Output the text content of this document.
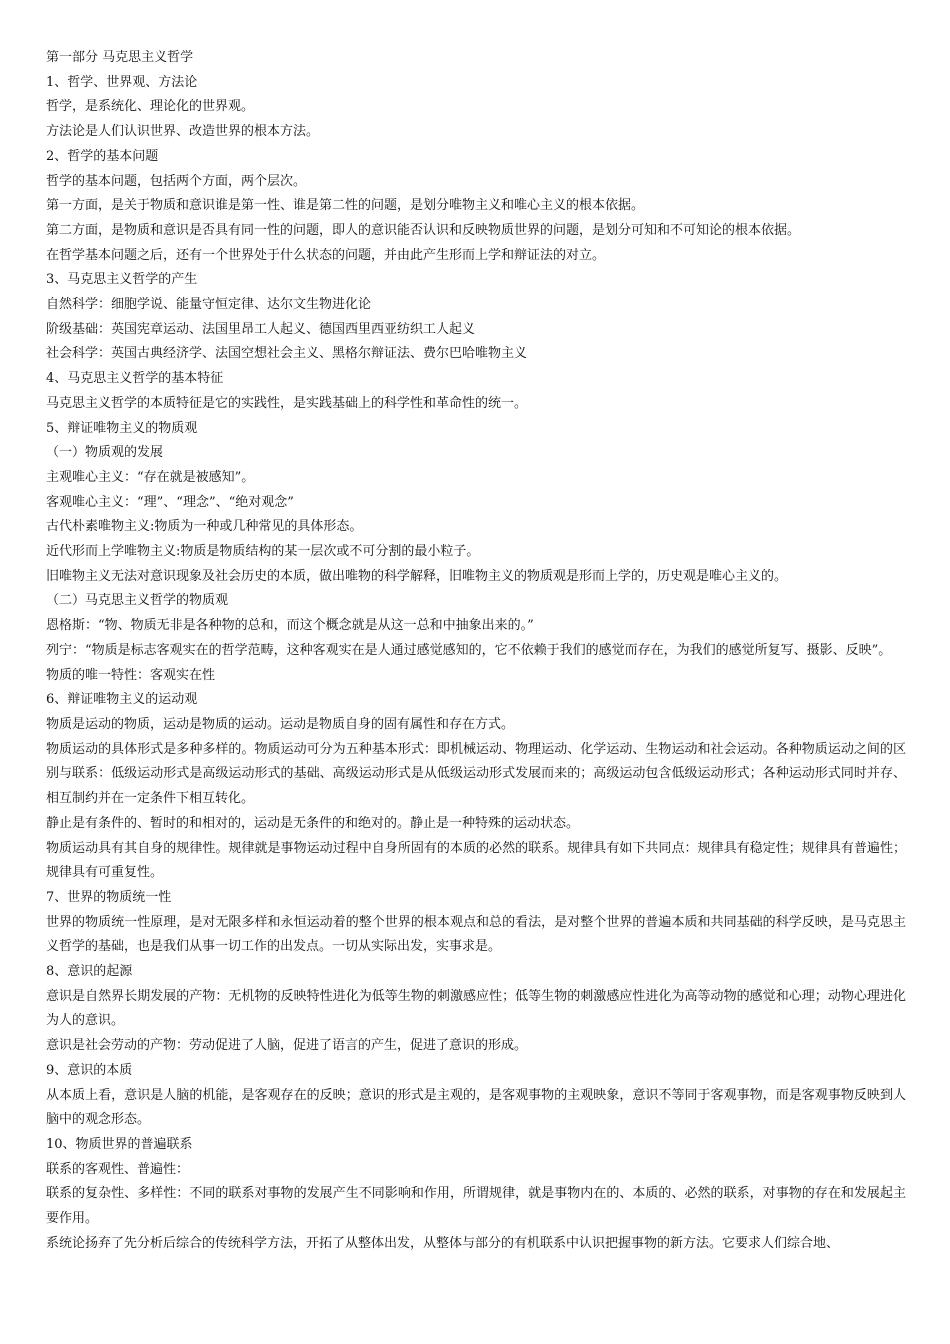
第一部分 马克思主义哲学

1、哲学、世界观、方法论

哲学，是系统化、理论化的世界观。

方法论是人们认识世界、改造世界的根本方法。

2、哲学的基本问题

哲学的基本问题，包括两个方面，两个层次。

第一方面，是关于物质和意识谁是第一性、谁是第二性的问题，是划分唯物主义和唯心主义的根本依据。

第二方面，是物质和意识是否具有同一性的问题，即人的意识能否认识和反映物质世界的问题，是划分可知和不可知论的根本依据。

在哲学基本问题之后，还有一个世界处于什么状态的问题，并由此产生形而上学和辩证法的对立。

3、马克思主义哲学的产生

自然科学：细胞学说、能量守恒定律、达尔文生物进化论

阶级基础：英国宪章运动、法国里昂工人起义、德国西里西亚纺织工人起义

社会科学：英国古典经济学、法国空想社会主义、黑格尔辩证法、费尔巴哈唯物主义

4、马克思主义哲学的基本特征

马克思主义哲学的本质特征是它的实践性，是实践基础上的科学性和革命性的统一。

5、辩证唯物主义的物质观

（一）物质观的发展

主观唯心主义：“存在就是被感知”。

客观唯心主义：“理”、“理念”、“绝对观念”

古代朴素唯物主义:物质为一种或几种常见的具体形态。

近代形而上学唯物主义:物质是物质结构的某一层次或不可分割的最小粒子。

旧唯物主义无法对意识现象及社会历史的本质，做出唯物的科学解释，旧唯物主义的物质观是形而上学的，历史观是唯心主义的。

（二）马克思主义哲学的物质观

恩格斯：“物、物质无非是各种物的总和，而这个概念就是从这一总和中抽象出来的。”

列宁：“物质是标志客观实在的哲学范畴，这种客观实在是人通过感觉感知的，它不依赖于我们的感觉而存在，为我们的感觉所复写、摄影、反映”。

物质的唯一特性：客观实在性

6、辩证唯物主义的运动观

物质是运动的物质，运动是物质的运动。运动是物质自身的固有属性和存在方式。

物质运动的具体形式是多种多样的。物质运动可分为五种基本形式：即机械运动、物理运动、化学运动、生物运动和社会运动。各种物质运动之间的区别与联系：低级运动形式是高级运动形式的基础、高级运动形式是从低级运动形式发展而来的；高级运动包含低级运动形式；各种运动形式同时并存、相互制约并在一定条件下相互转化。

静止是有条件的、暂时的和相对的，运动是无条件的和绝对的。静止是一种特殊的运动状态。

物质运动具有其自身的规律性。规律就是事物运动过程中自身所固有的本质的必然的联系。规律具有如下共同点：规律具有稳定性；规律具有普遍性；规律具有可重复性。

7、世界的物质统一性

世界的物质统一性原理，是对无限多样和永恒运动着的整个世界的根本观点和总的看法，是对整个世界的普遍本质和共同基础的科学反映，是马克思主义哲学的基础，也是我们从事一切工作的出发点。一切从实际出发，实事求是。

8、意识的起源

意识是自然界长期发展的产物：无机物的反映特性进化为低等生物的刺激感应性；低等生物的刺激感应性进化为高等动物的感觉和心理；动物心理进化为人的意识。

意识是社会劳动的产物：劳动促进了人脑，促进了语言的产生，促进了意识的形成。

9、意识的本质

从本质上看，意识是人脑的机能，是客观存在的反映；意识的形式是主观的，是客观事物的主观映象，意识不等同于客观事物，而是客观事物反映到人脑中的观念形态。

10、物质世界的普遍联系

联系的客观性、普遍性：

联系的复杂性、多样性：不同的联系对事物的发展产生不同影响和作用，所谓规律，就是事物内在的、本质的、必然的联系，对事物的存在和发展起主要作用。

系统论扬弃了先分析后综合的传统科学方法，开拓了从整体出发，从整体与部分的有机联系中认识把握事物的新方法。它要求人们综合地、
